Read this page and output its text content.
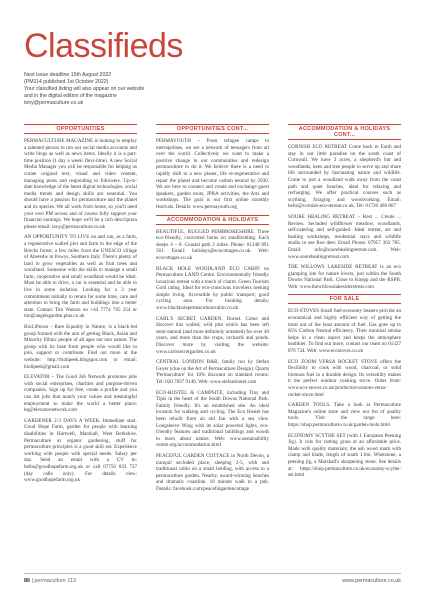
Classifieds
Next issue deadline 15th August 2022
(PM114 published 1st October 2022)
Your classified listing will also appear on our website
and in the digital edition of the magazine
tony@permaculture.co.uk
OPPORTUNITIES

PERMACULTURE MAGAZINE is looking to employ a talented person to run our social media accounts and write blogs as well as news items. Ideally it is a part-time position (1 day a week/ flexi-time). A new Social Media Manager you will be responsible for helping us curate original text, visual and video content, managing posts and responding to followers. Up-to-date knowledge of the latest digital technologies, social media trends and design skills are essential. You should have a passion for permaculture and the planet and its species. We all work from home, so you'll need your own PM access and of course fully support your financial earnings. We hope we'll be a rich description please email: tony@permaculture.co.uk

AN OPPORTUNITY TO LIVE on and run, as a farm, a regenerative walled plot and farm in the edge of the Brecks forest, a few miles from the UNESCO village of Aberedw in Powys, Southern Italy. There's plenty of land to grow vegetables as well as fruit trees and woodland. Someone with the skills to manage a small farm, cooperative and small woodland would be ideal. Must be able to drive, a car is essential and be able to live in some isolation. Looking for a 3 year commitment initially to return for some time, care and attention to bring the farm and buildings into a better state. Contact Tim Watson on +44 7774 795 254 or tim@angelsgarden.plus.co.uk

BioLiPecan – Rare Equality in Nature, is a black-led group formed with the aim of getting Black, Asian and Minority Ethnic people of all ages out into nature. The group with its base from people who would like to join, support or contribute. Find out more at the website: http://biolipeek.blogspot.com or email: biolipeek@gmail.com

ELEVATOR – The Good Job Network promotes jobs with social enterprises, charities and purpose-driven companies. Sign up for free, create a profile and you can list jobs that match your values and meaningful employment to make the world a better place: hq@elevatornetwork.com

GARDENER 2-3 DAYS A WEEK. Immediate start. Good Hope Farm, garden for people with learning disabilities in Hartwell, Marshall, West Berkshire. Permaculture at organic gardening, stuff for permaculture principles is a good skill set. Experience working with people with special needs. Salary per day. Send an email with a CV to: hello@goodhopefarm.org.uk or call 07756 833 737 (day calls only). For details view: www.goodhopefarm.org.uk

OPPORTUNITIES CONT...

PERMAYOUTH – From refugee camps to metropolises, we are a network of teenagers from all over the world. Collectively we want to make a positive change in our communities and redesign permaculture to do it. We believe there is a need to rapidly shift to a new planet, life re-regenerative and repair the planet and become carbon neutral by 2030. We are here to connect and create and exchange guest speakers, garden tours, JPRA activities, the Arts and workshops. The goal is our first online monthly festivals. Details: www.permayouth.org

ACCOMMODATION & HOLIDAYS

BEAUTIFUL, RUGGED PEMBROKESHIRE. Three eco-friendly, converted barns on smallholding. Each sleeps 4 – 8. Coastal path 2 miles. Phone: 01348 891 561. Email: holidays@ecocottages.co.uk. Web: ecocottages.co.uk

BLACK HOLE WOODLAND ECO CABIN on Permaculture LAND Centre. Environmentally friendly luxurious retreat with a touch of charm. Green Tourism Gold rating. Ideal for eco-conscious travellers seeking simple living. Accessible by public transport; good cycling area. For booking details: www.blackholepermaculturecabin.co.uk

CARL'S SECRET GARDEN, Dorset. Come and discover this walled, wild plot which has been left semi-natural (and more definitely untamed) for over 40 years, and more than the crops, orchards and ponds. Discover more by visiting the website: www.carlssecretgarden.co.uk

CENTRAL LONDON B&B, family run by Stefan Geyer (clue on the Art of Permaculture Design). Quarts 'Permaculture' for 10% discount on standard rooms. Tel: 020 7837 9140. Web: www.stefanshotel.com

ECO-HOSTEL & CAMPSITE, including Tiny and Tipis in the heart of the South Downs National Park. Family friendly. It's an established site. An ideal location for walking and cycling. The Eco Hostel has been rebuilt from an old Inn with a sea view. Longsleeve Wing with its solar powered lights, eco-friendly features and traditional buildings and woods to learn about nature. Web: www.sustainability centre.org/accommodation.html

PEACEFUL GARDEN COTTAGE in North Devon, a tranquil secluded place, sleeping 2-5, with and traditional cabin on a small holding, with access to a permaculture garden. Nearby, award-winning beaches and dramatic coastline. 10 minute walk to a pub. Details: facebook.com/peacefulgardencottage

ACCOMMODATION & HOLIDAYS CONT...

CORNISH ECO RETREAT Come back to Earth and stay in our little paradise on the south coast of Cornwall. We have 3 acres, a shepherd's hut and woodlands, bees and tree people to serve up and share life surrounded by fascinating nature and wildlife. Come to just a woodland walk away from the coast path and quiet beaches, ideal for relaxing and recharging. We offer practical courses such as scything, foraging and woodworking. Email: hello@cornish-eco-retreat.co.uk. Tel: 01726 466 867

SOURE HEALING RETREAT – Rest ... Create ... Review. Secluded wildflower meadow, woodlands, self-catering and self-guided. Ideal retreat, art and healing workshops, residential stays and wildlife studio to see Roe deer. Email Phone: 07957 363 785. Email: info@sourehealingretreat.com. Web: www.sourehealingretreat.com

THE WILLOWS LAKESIDE RETREAT is an eco glamping site for nature lovers, just within the South Downs National Park. Close to Knepp and the RSPB. Web: www.thewillowslakesideretreat.com

FOR SALE

ECO-STOVES Small fuel-economy heaters provide an economical and highly efficient way of getting the most out of the least amount of fuel. Gas goes up to 85% Carbon Neutral efficiency. Their minimal smoke helps in a clean aspect and keeps the atmosphere healthier. To find out more, contact our team on 01327 870 734. Web: www.ecostoves.co.uk

ECO ZOOM VERSA ROCKET STOVE offers the flexibility to cook with wood, charcoal, or solid biomass fuel in a durable design. Its versatility makes it the perfect outdoor cooking stove. Order from: www.eco-stoves.co.uk/products/ecozoom-versa-rocket-stove.html

GARDEN TOOLS. Take a look at Permaculture Magazine's online store and view our list of quality tools. Visit the range here: https://shop.permaculture.co.uk/garden-tools.html

ECONOMY SCYTHE SET (with 1 European Peening Jig). It cuts for cutting grass at an affordable price. Made with quality materials; the ash wood snath with clamp and blade, length of snath 1.6m. Whetstone, a peening jig, a Marshall's sharpening stone. See details at: https://shop.permaculture.co.uk/economy-scythe-set.html

86 | permaculture 113	www.permaculture.co.uk
